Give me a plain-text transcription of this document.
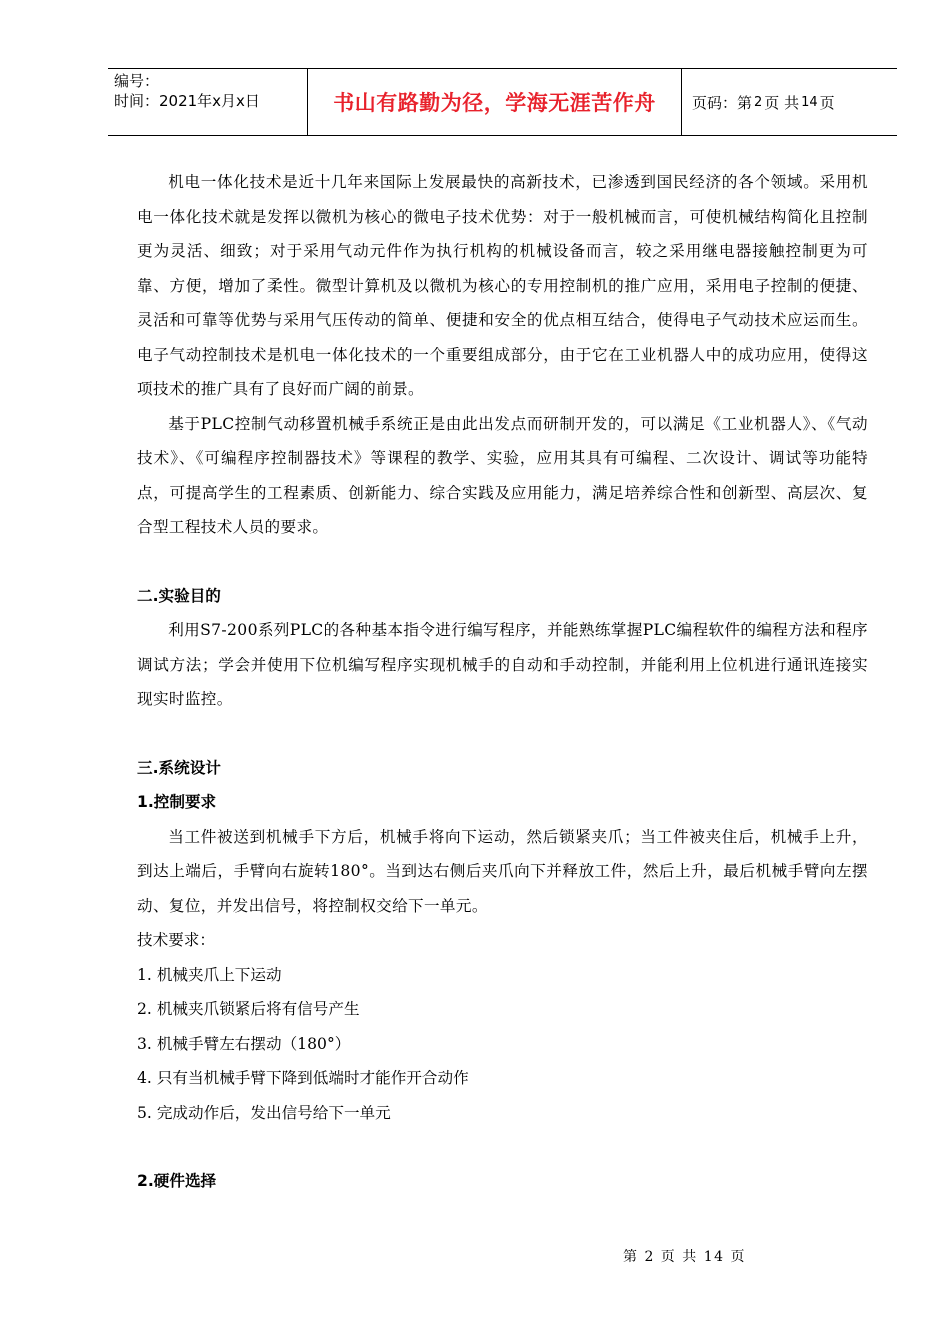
编号：
时间：2021年x月x日	书山有路勤为径，学海无涯苦作舟	页码：第 2 页 共 14 页

机电一体化技术是近十几年来国际上发展最快的高新技术，已渗透到国民经济的各个领域。采用机电一体化技术就是发挥以微机为核心的微电子技术优势：对于一般机械而言，可使机械结构简化且控制更为灵活、细致；对于采用气动元件作为执行机构的机械设备而言，较之采用继电器接触控制更为可靠、方便，增加了柔性。微型计算机及以微机为核心的专用控制机的推广应用，采用电子控制的便捷、灵活和可靠等优势与采用气压传动的简单、便捷和安全的优点相互结合，使得电子气动技术应运而生。电子气动控制技术是机电一体化技术的一个重要组成部分，由于它在工业机器人中的成功应用，使得这项技术的推广具有了良好而广阔的前景。

基于PLC控制气动移置机械手系统正是由此出发点而研制开发的，可以满足《工业机器人》、《气动技术》、《可编程序控制器技术》等课程的教学、实验，应用其具有可编程、二次设计、调试等功能特点，可提高学生的工程素质、创新能力、综合实践及应用能力，满足培养综合性和创新型、高层次、复合型工程技术人员的要求。

二.实验目的

利用S7-200系列PLC的各种基本指令进行编写程序，并能熟练掌握PLC编程软件的编程方法和程序调试方法；学会并使用下位机编写程序实现机械手的自动和手动控制，并能利用上位机进行通讯连接实现实时监控。

三.系统设计

1.控制要求

当工件被送到机械手下方后，机械手将向下运动，然后锁紧夹爪；当工件被夹住后，机械手上升，到达上端后，手臂向右旋转180°。当到达右侧后夹爪向下并释放工件，然后上升，最后机械手臂向左摆动、复位，并发出信号，将控制权交给下一单元。

技术要求：

1. 机械夹爪上下运动

2. 机械夹爪锁紧后将有信号产生

3. 机械手臂左右摆动（180°）

4. 只有当机械手臂下降到低端时才能作开合动作

5. 完成动作后，发出信号给下一单元

2.硬件选择

第 2 页 共 14 页
